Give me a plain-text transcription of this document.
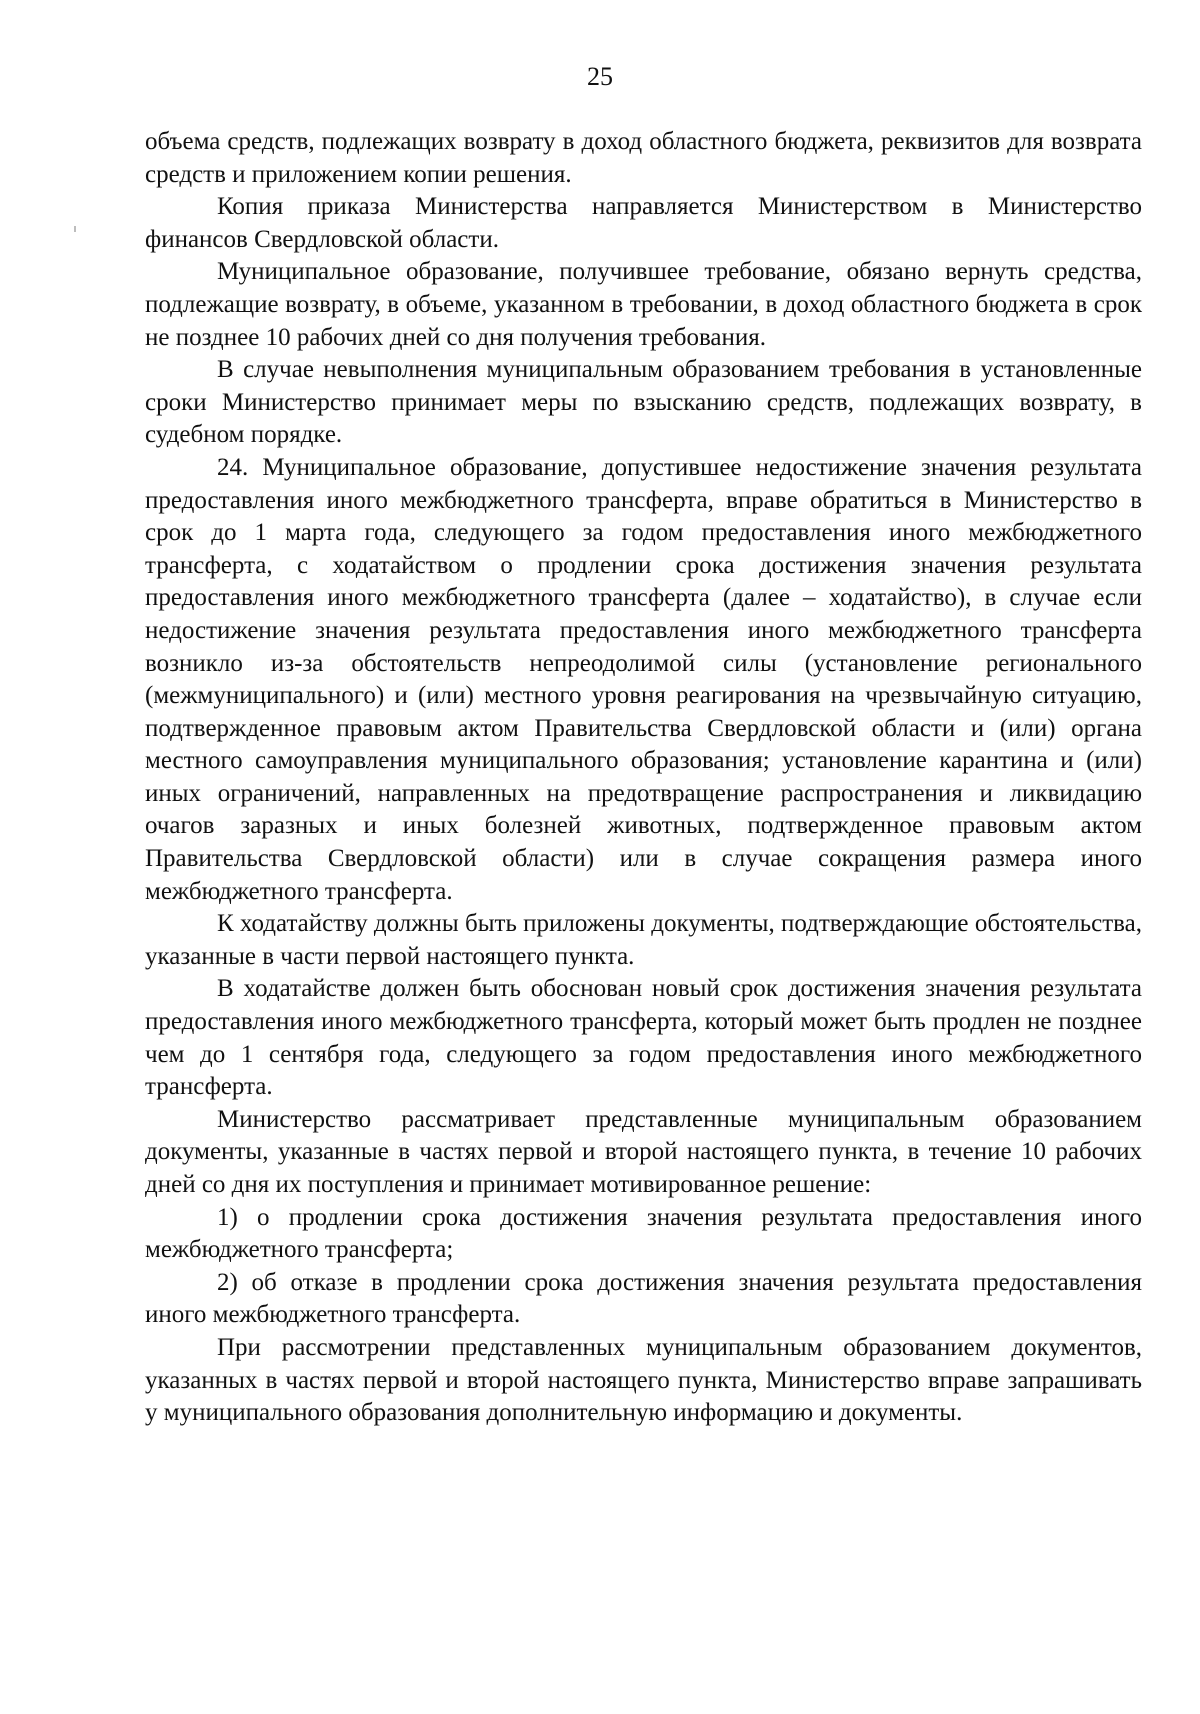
25

объема средств, подлежащих возврату в доход областного бюджета, реквизитов для возврата средств и приложением копии решения.

Копия приказа Министерства направляется Министерством в Министерство финансов Свердловской области.

Муниципальное образование, получившее требование, обязано вернуть средства, подлежащие возврату, в объеме, указанном в требовании, в доход областного бюджета в срок не позднее 10 рабочих дней со дня получения требования.

В случае невыполнения муниципальным образованием требования в установленные сроки Министерство принимает меры по взысканию средств, подлежащих возврату, в судебном порядке.

24. Муниципальное образование, допустившее недостижение значения результата предоставления иного межбюджетного трансферта, вправе обратиться в Министерство в срок до 1 марта года, следующего за годом предоставления иного межбюджетного трансферта, с ходатайством о продлении срока достижения значения результата предоставления иного межбюджетного трансферта (далее – ходатайство), в случае если недостижение значения результата предоставления иного межбюджетного трансферта возникло из-за обстоятельств непреодолимой силы (установление регионального (межмуниципального) и (или) местного уровня реагирования на чрезвычайную ситуацию, подтвержденное правовым актом Правительства Свердловской области и (или) органа местного самоуправления муниципального образования; установление карантина и (или) иных ограничений, направленных на предотвращение распространения и ликвидацию очагов заразных и иных болезней животных, подтвержденное правовым актом Правительства Свердловской области) или в случае сокращения размера иного межбюджетного трансферта.

К ходатайству должны быть приложены документы, подтверждающие обстоятельства, указанные в части первой настоящего пункта.

В ходатайстве должен быть обоснован новый срок достижения значения результата предоставления иного межбюджетного трансферта, который может быть продлен не позднее чем до 1 сентября года, следующего за годом предоставления иного межбюджетного трансферта.

Министерство рассматривает представленные муниципальным образованием документы, указанные в частях первой и второй настоящего пункта, в течение 10 рабочих дней со дня их поступления и принимает мотивированное решение:

1) о продлении срока достижения значения результата предоставления иного межбюджетного трансферта;

2) об отказе в продлении срока достижения значения результата предоставления иного межбюджетного трансферта.

При рассмотрении представленных муниципальным образованием документов, указанных в частях первой и второй настоящего пункта, Министерство вправе запрашивать у муниципального образования дополнительную информацию и документы.
